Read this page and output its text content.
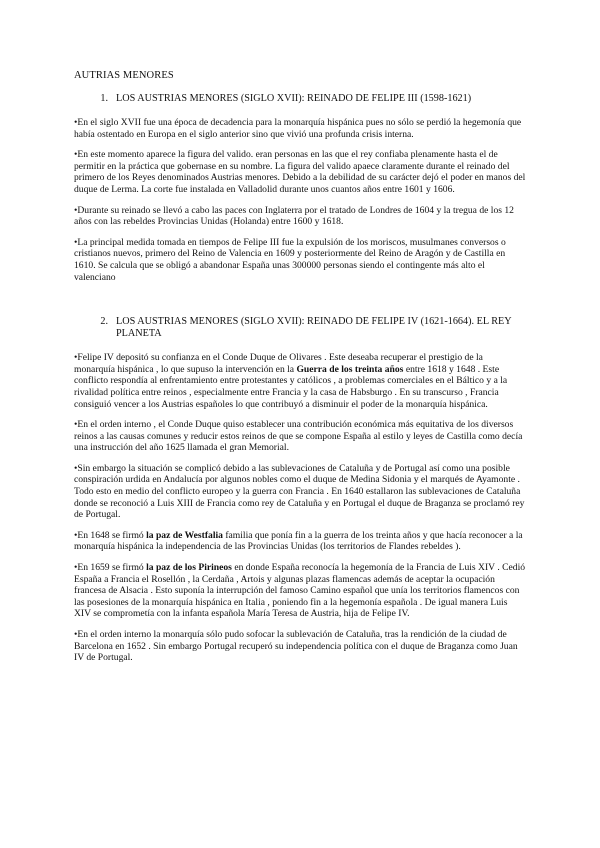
AUTRIAS MENORES
1. LOS AUSTRIAS MENORES (SIGLO XVII): REINADO DE FELIPE III (1598-1621)

•En el siglo XVII fue una época de decadencia para la monarquía hispánica pues no sólo se perdió la hegemonía que había ostentado en Europa en el siglo anterior sino que vivió una profunda crisis interna.

•En este momento aparece la figura del valido. eran personas en las que el rey confiaba plenamente hasta el de permitir en la práctica que gobernase en su nombre. La figura del valido apaece claramente durante el reinado del primero de los Reyes denominados Austrias menores. Debido a la debilidad de su carácter dejó el poder en manos del duque de Lerma. La corte fue instalada en Valladolid durante unos cuantos años entre 1601 y 1606.

•Durante su reinado se llevó a cabo las paces con Inglaterra por el tratado de Londres de 1604 y la tregua de los 12 años con las rebeldes Provincias Unidas (Holanda) entre 1600 y 1618.

•La principal medida tomada en tiempos de Felipe III fue la expulsión de los moriscos, musulmanes conversos o cristianos nuevos, primero del Reino de Valencia en 1609 y posteriormente del Reino de Aragón y de Castilla en 1610. Se calcula que se obligó a abandonar España unas 300000 personas siendo el contingente más alto el valenciano

2. LOS AUSTRIAS MENORES (SIGLO XVII): REINADO DE FELIPE IV (1621-1664). EL REY PLANETA

•Felipe IV depositó su confianza en el Conde Duque de Olivares . Este deseaba recuperar el prestigio de la monarquía hispánica , lo que supuso la intervención en la Guerra de los treinta años entre 1618 y 1648 . Este conflicto respondía al enfrentamiento entre protestantes y católicos , a problemas comerciales en el Báltico y a la rivalidad política entre reinos , especialmente entre Francia y la casa de Habsburgo . En su transcurso , Francia consiguió vencer a los Austrias españoles lo que contribuyó a disminuir el poder de la monarquía hispánica.

•En el orden interno , el Conde Duque quiso establecer una contribución económica más equitativa de los diversos reinos a las causas comunes y reducir estos reinos de que se compone España al estilo y leyes de Castilla como decía una instrucción del año 1625 llamada el gran Memorial.

•Sin embargo la situación se complicó debido a las sublevaciones de Cataluña y de Portugal así como una posible conspiración urdida en Andalucía por algunos nobles como el duque de Medina Sidonia y el marqués de Ayamonte . Todo esto en medio del conflicto europeo y la guerra con Francia . En 1640 estallaron las sublevaciones de Cataluña donde se reconoció a Luis XIII de Francia como rey de Cataluña y en Portugal el duque de Braganza se proclamó rey de Portugal.

•En 1648 se firmó la paz de Westfalia familia que ponía fin a la guerra de los treinta años y que hacía reconocer a la monarquía hispánica la independencia de las Provincias Unidas (los territorios de Flandes rebeldes ).

•En 1659 se firmó la paz de los Pirineos en donde España reconocía la hegemonía de la Francia de Luis XIV . Cedió España a Francia el Rosellón , la Cerdaña , Artois y algunas plazas flamencas además de aceptar la ocupación francesa de Alsacia . Esto suponía la interrupción del famoso Camino español que unía los territorios flamencos con las posesiones de la monarquía hispánica en Italia , poniendo fin a la hegemonía española . De igual manera Luis XIV se comprometía con la infanta española María Teresa de Austria, hija de Felipe IV.

•En el orden interno la monarquía sólo pudo sofocar la sublevación de Cataluña, tras la rendición de la ciudad de Barcelona en 1652 . Sin embargo Portugal recuperó su independencia política con el duque de Braganza como Juan IV de Portugal.
